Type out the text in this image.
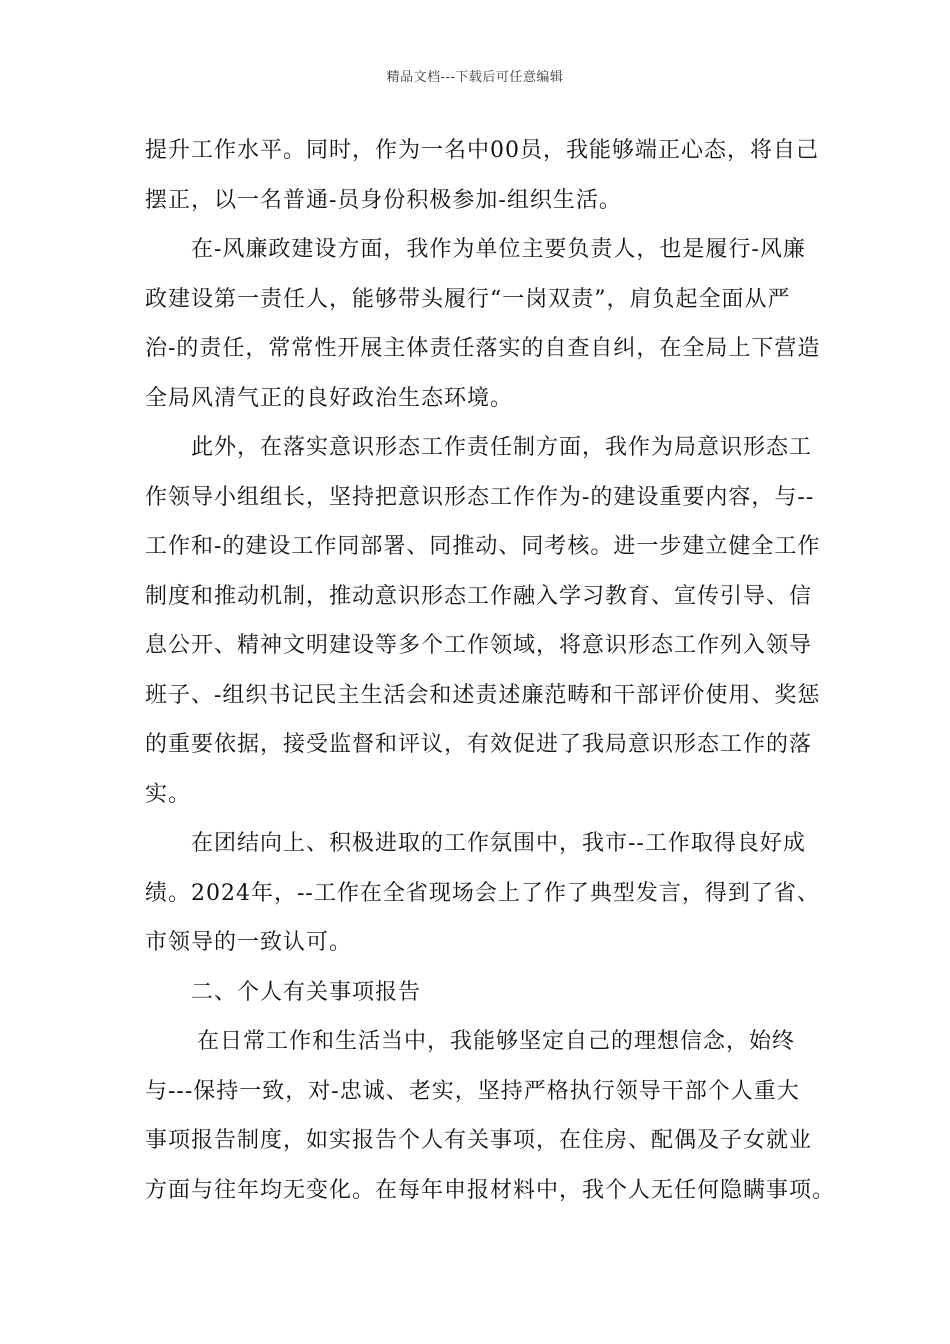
精品文档---下载后可任意编辑
提升工作水平。同时，作为一名中00员，我能够端正心态，将自己
摆正，以一名普通-员身份积极参加-组织生活。
在-风廉政建设方面，我作为单位主要负责人，也是履行-风廉
政建设第一责任人，能够带头履行“一岗双责”，肩负起全面从严
治-的责任，常常性开展主体责任落实的自查自纠，在全局上下营造
全局风清气正的良好政治生态环境。
此外，在落实意识形态工作责任制方面，我作为局意识形态工
作领导小组组长，坚持把意识形态工作作为-的建设重要内容，与--
工作和-的建设工作同部署、同推动、同考核。进一步建立健全工作
制度和推动机制，推动意识形态工作融入学习教育、宣传引导、信
息公开、精神文明建设等多个工作领域，将意识形态工作列入领导
班子、-组织书记民主生活会和述责述廉范畴和干部评价使用、奖惩
的重要依据，接受监督和评议，有效促进了我局意识形态工作的落
实。
在团结向上、积极进取的工作氛围中，我市--工作取得良好成
绩。2024年，--工作在全省现场会上了作了典型发言，得到了省、
市领导的一致认可。
二、个人有关事项报告
在日常工作和生活当中，我能够坚定自己的理想信念，始终
与---保持一致，对-忠诚、老实，坚持严格执行领导干部个人重大
事项报告制度，如实报告个人有关事项，在住房、配偶及子女就业
方面与往年均无变化。在每年申报材料中，我个人无任何隐瞒事项。
